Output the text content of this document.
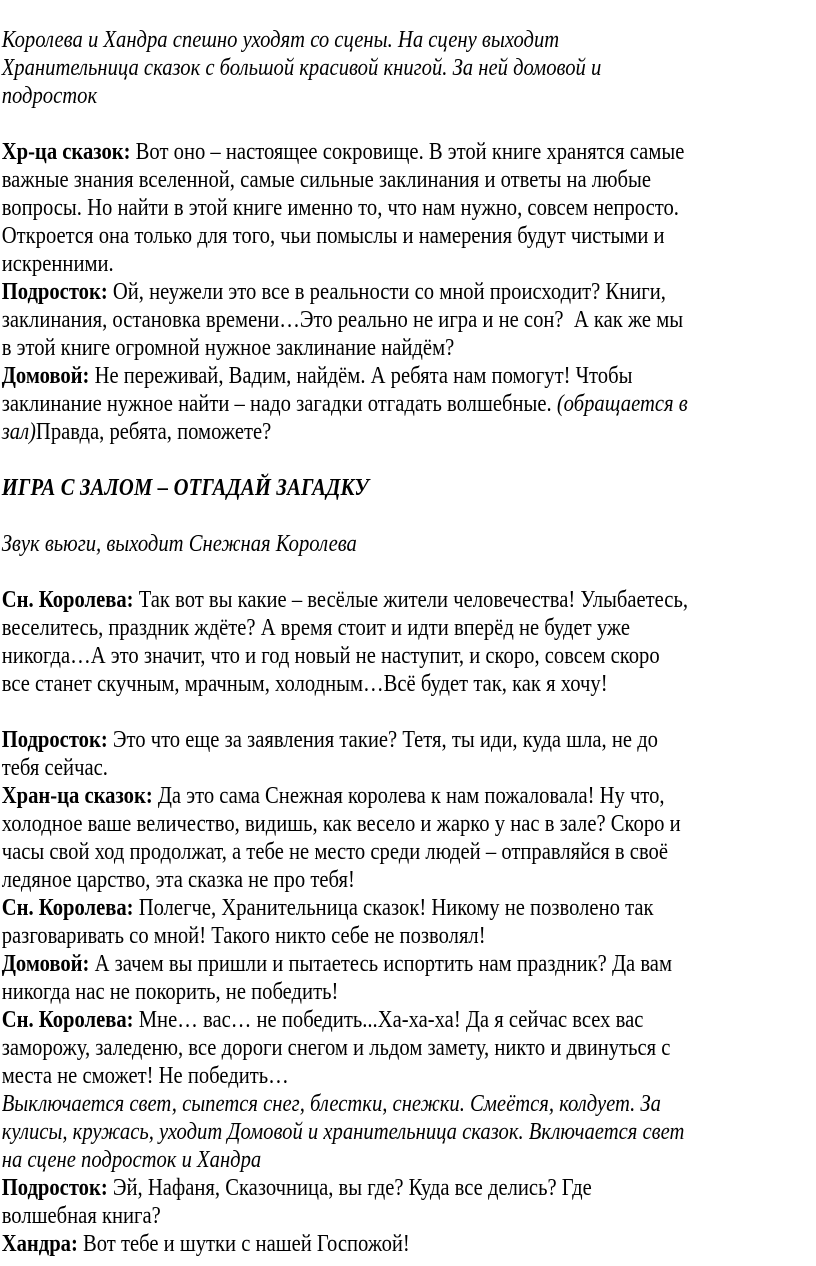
Королева и Хандра спешно уходят со сцены. На сцену выходит
Хранительница сказок с большой красивой книгой. За ней домовой и
подросток
Хр-ца сказок: Вот оно – настоящее сокровище. В этой книге хранятся самые
важные знания вселенной, самые сильные заклинания и ответы на любые
вопросы. Но найти в этой книге именно то, что нам нужно, совсем непросто.
Откроется она только для того, чьи помыслы и намерения будут чистыми и
искренними.
Подросток: Ой, неужели это все в реальности со мной происходит? Книги,
заклинания, остановка времени…Это реально не игра и не сон?  А как же мы
в этой книге огромной нужное заклинание найдём?
Домовой: Не переживай, Вадим, найдём. А ребята нам помогут! Чтобы
заклинание нужное найти – надо загадки отгадать волшебные. (обращается в
зал)Правда, ребята, поможете?
ИГРА С ЗАЛОМ – ОТГАДАЙ ЗАГАДКУ
Звук вьюги, выходит Снежная Королева
Сн. Королева: Так вот вы какие – весёлые жители человечества! Улыбаетесь,
веселитесь, праздник ждёте? А время стоит и идти вперёд не будет уже
никогда…А это значит, что и год новый не наступит, и скоро, совсем скоро
все станет скучным, мрачным, холодным…Всё будет так, как я хочу!
Подросток: Это что еще за заявления такие? Тетя, ты иди, куда шла, не до
тебя сейчас.
Хран-ца сказок: Да это сама Снежная королева к нам пожаловала! Ну что,
холодное ваше величество, видишь, как весело и жарко у нас в зале? Скоро и
часы свой ход продолжат, а тебе не место среди людей – отправляйся в своё
ледяное царство, эта сказка не про тебя!
Сн. Королева: Полегче, Хранительница сказок! Никому не позволено так
разговаривать со мной! Такого никто себе не позволял!
Домовой: А зачем вы пришли и пытаетесь испортить нам праздник? Да вам
никогда нас не покорить, не победить!
Сн. Королева: Мне… вас… не победить...Ха-ха-ха! Да я сейчас всех вас
заморожу, заледеню, все дороги снегом и льдом замету, никто и двинуться с
места не сможет! Не победить…
Выключается свет, сыпется снег, блестки, снежки. Смеётся, колдует. За
кулисы, кружась, уходит Домовой и хранительница сказок. Включается свет
на сцене подросток и Хандра
Подросток: Эй, Нафаня, Сказочница, вы где? Куда все делись? Где
волшебная книга?
Хандра: Вот тебе и шутки с нашей Госпожой!
